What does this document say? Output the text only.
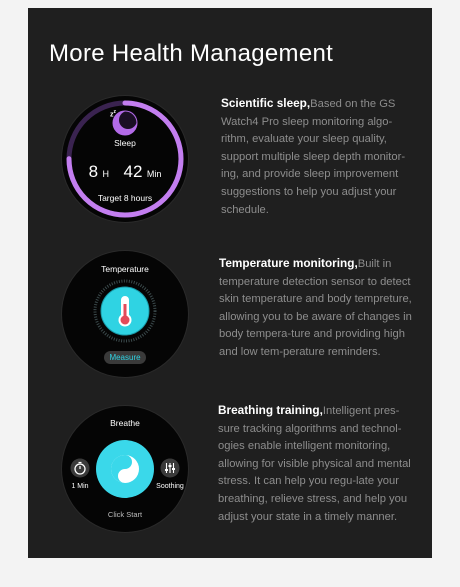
More Health Management
$z^z$
Sleep
8 H 42 Min
Target 8 hours
Scientific sleep,Based on the GS Watch4 Pro sleep monitoring algo-rithm, evaluate your sleep quality, support multiple sleep depth monitor-ing, and provide sleep improvement suggestions to help you adjust your schedule.
Temperature
Measure
Temperature monitoring,Built in temperature detection sensor to detect skin temperature and body tempreture, allowing you to be aware of changes in body tempera-ture and providing high and low tem-perature reminders.
Breathe
1 Min	Soothing
Click Start
Breathing training,Intelligent pres-sure tracking algorithms and technol-ogies enable intelligent monitoring, allowing for visible physical and mental stress. It can help you regu-late your breathing, relieve stress, and help you adjust your state in a timely manner.
